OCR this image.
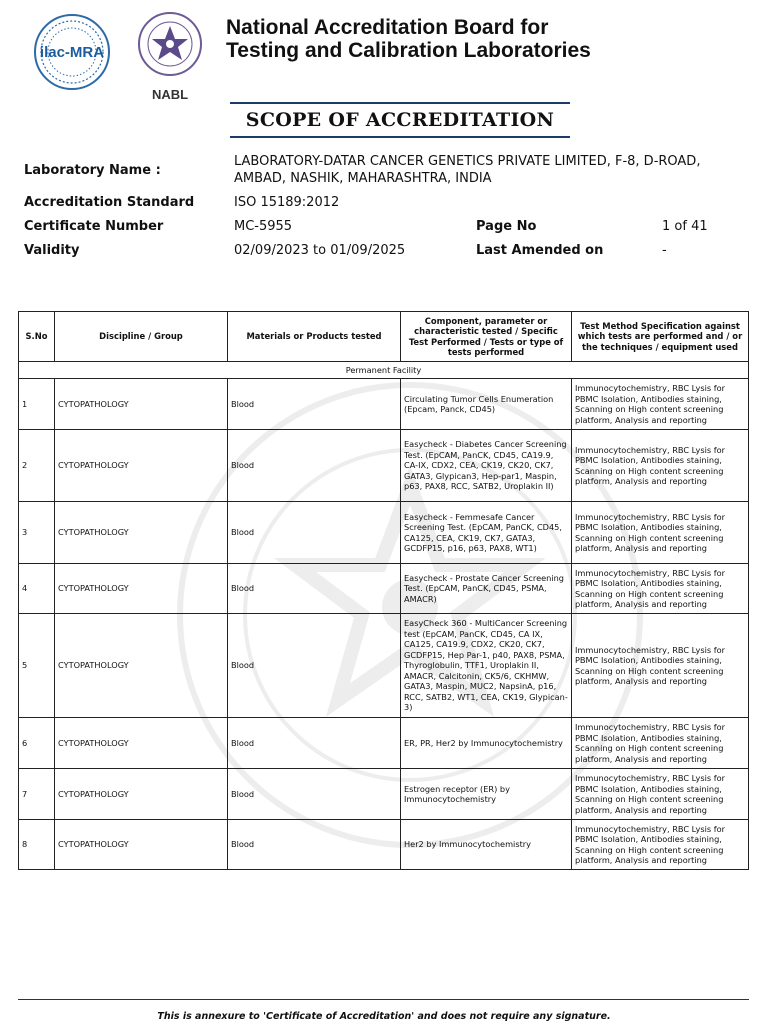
ilac-MRA
NABL
National Accreditation Board for
Testing and Calibration Laboratories
SCOPE OF ACCREDITATION
Laboratory Name :
LABORATORY-DATAR CANCER GENETICS PRIVATE LIMITED, F-8, D-ROAD,
AMBAD, NASHIK, MAHARASHTRA, INDIA
Accreditation Standard	ISO 15189:2012
Certificate Number	MC-5955	Page No	1 of 41
Validity	02/09/2023 to 01/09/2025	Last Amended on	-
S.No	Discipline / Group	Materials or Products tested	Component, parameter or characteristic tested / Specific Test Performed / Tests or type of tests performed	Test Method Specification against which tests are performed and / or the techniques / equipment used
Permanent Facility				
1	CYTOPATHOLOGY	Blood	Circulating Tumor Cells Enumeration (Epcam, Panck, CD45)	Immunocytochemistry, RBC Lysis for PBMC Isolation, Antibodies staining, Scanning on High content screening platform, Analysis and reporting
2	CYTOPATHOLOGY	Blood	Easycheck - Diabetes Cancer Screening Test. (EpCAM, PanCK, CD45, CA19.9, CA-IX, CDX2, CEA, CK19, CK20, CK7, GATA3, Glypican3, Hep-par1, Maspin, p63, PAX8, RCC, SATB2, Uroplakin II)	Immunocytochemistry, RBC Lysis for PBMC Isolation, Antibodies staining, Scanning on High content screening platform, Analysis and reporting
3	CYTOPATHOLOGY	Blood	Easycheck - Femmesafe Cancer Screening Test. (EpCAM, PanCK, CD45, CA125, CEA, CK19, CK7, GATA3, GCDFP15, p16, p63, PAX8, WT1)	Immunocytochemistry, RBC Lysis for PBMC Isolation, Antibodies staining, Scanning on High content screening platform, Analysis and reporting
4	CYTOPATHOLOGY	Blood	Easycheck - Prostate Cancer Screening Test. (EpCAM, PanCK, CD45, PSMA, AMACR)	Immunocytochemistry, RBC Lysis for PBMC Isolation, Antibodies staining, Scanning on High content screening platform, Analysis and reporting
5	CYTOPATHOLOGY	Blood	EasyCheck 360 - MultiCancer Screening test (EpCAM, PanCK, CD45, CA IX, CA125, CA19.9, CDX2, CK20, CK7, GCDFP15, Hep Par-1, p40, PAX8, PSMA, Thyroglobulin, TTF1, Uroplakin II, AMACR, Calcitonin, CK5/6, CKHMW, GATA3, Maspin, MUC2, NapsinA, p16, RCC, SATB2, WT1, CEA, CK19, Glypican-3)	Immunocytochemistry, RBC Lysis for PBMC Isolation, Antibodies staining, Scanning on High content screening platform, Analysis and reporting
6	CYTOPATHOLOGY	Blood	ER, PR, Her2 by Immunocytochemistry	Immunocytochemistry, RBC Lysis for PBMC Isolation, Antibodies staining, Scanning on High content screening platform, Analysis and reporting
7	CYTOPATHOLOGY	Blood	Estrogen receptor (ER) by Immunocytochemistry	Immunocytochemistry, RBC Lysis for PBMC Isolation, Antibodies staining, Scanning on High content screening platform, Analysis and reporting
8	CYTOPATHOLOGY	Blood	Her2 by Immunocytochemistry	Immunocytochemistry, RBC Lysis for PBMC Isolation, Antibodies staining, Scanning on High content screening platform, Analysis and reporting
This is annexure to 'Certificate of Accreditation' and does not require any signature.
